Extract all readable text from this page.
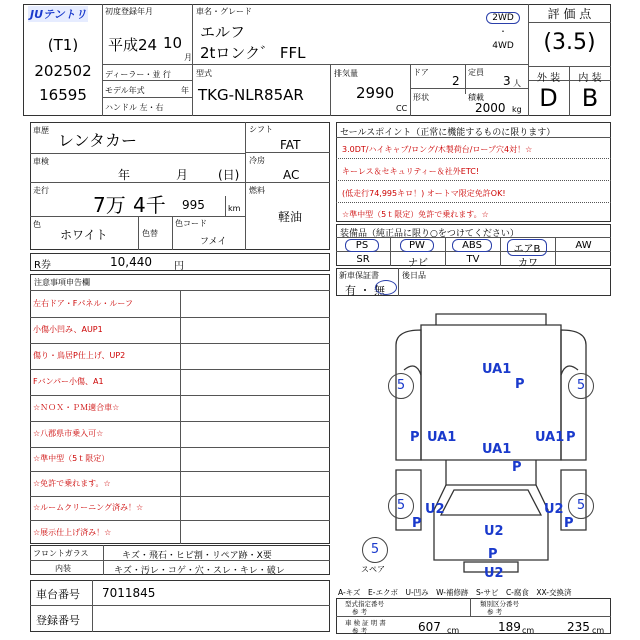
JUテントリ
(T1)
202502
16595
初度登録年月
平成24 10
月
車名・グレード
エルフ
2tロンク゛ FFL
2WD
・
4WD
ディーラー・並 行
モデル年式	年
ハンドル 左・右
型式
TKG-NLR85AR
排気量
2990
CC
ドア
2
定員
3 人
形状	積載
2000 kg
評 価 点
(3.5)
外 装	内 装
D	B
車歴
レンタカー
車検
年	月 (日)
走行
7万 4千 995	km
色
ホワイト	色替
色コード
フメイ
シフト
FAT
冷房
AC
燃料
軽油
R券	10,440 円
注意事項申告欄
左右ドア・Fパネル・ルーフ
小傷小凹み、AUP1
傷り・鳥居P仕上げ、UP2
Fバンパー小傷、A1
☆ＮＯＸ・ＰＭ適合車☆
☆八郡県市乗入可☆
☆準中型（5ｔ限定）
☆免許で乗れます。☆
☆ルームクリーニング済み！☆
☆展示仕上げ済み！☆
フロントガラス	キズ・飛石・ヒビ割・リペア跡・X要
内装	キズ・汚レ・コゲ・穴・スレ・キレ・破レ
車台番号 7011845
登録番号
セールスポイント（正常に機能するものに限ります）
3.0DT/ハイキャブ/ロング/木製荷台/ロープ穴4対！☆
キーレス＆セキュリティー＆社外ETC!
(低走行74,995キロ！) オートマ限定免許OK!
☆準中型（5ｔ限定）免許で乗れます。☆
装備品（純正品に限り○をつけてください）
PS	PW	ABS	エアB	AW
SR	ナビ	TV	カワ
新車保証書
有 ・ 無
後日品
UA1
P
P UA1	UA1 P
UA1
P
U2
P
U2
P
U2
P
U2
5	5
5	5
5
スペア
A-キズ　E-エクボ　U-凹み　W-補修跡　S-サビ　C-腐食　XX-交換済
型式指定番号
参 考
類別区分番号
参 考
車 検 証 明 書
参 考	607 cm	189 cm	235 cm
